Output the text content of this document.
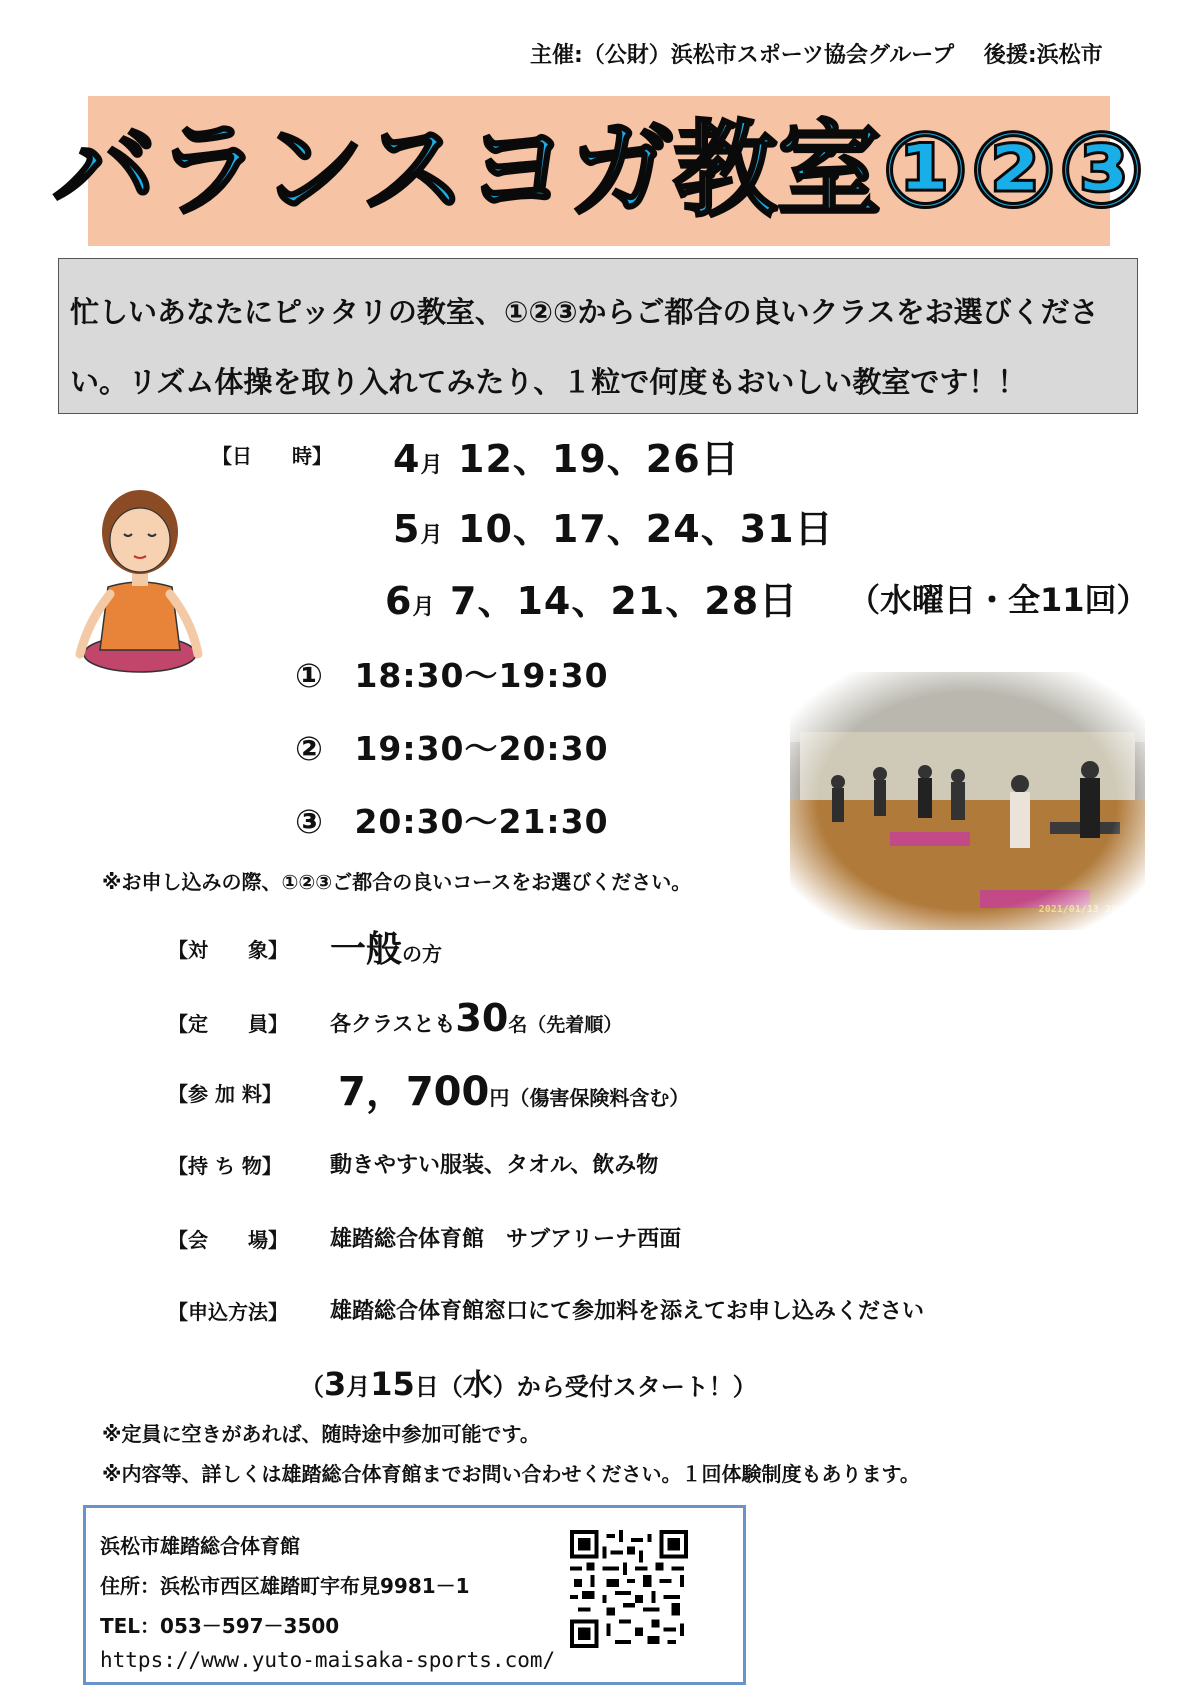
主催:（公財）浜松市スポーツ協会グループ　 後援:浜松市
バランスヨガ教室①②③
忙しいあなたにピッタリの教室、①②③からご都合の良いクラスをお選びくださ
い。リズム体操を取り入れてみたり、１粒で何度もおいしい教室です！！
【日　　時】 4月 12、19、26日
5月 10、17、24、31日
6月 7、14、21、28日 （水曜日・全11回）
① 18:30～19:30
② 19:30～20:30
③ 20:30～21:30
※お申し込みの際、①②③ご都合の良いコースをお選びください。
【対　　象】 一般の方
【定　　員】 各クラスとも30名（先着順）
【参 加 料】 7，700円（傷害保険料含む）
【持 ち 物】 動きやすい服装、タオル、飲み物
【会　　場】 雄踏総合体育館　サブアリーナ西面
【申込方法】 雄踏総合体育館窓口にて参加料を添えてお申し込みください
（3月15日（水）から受付スタート！）
※定員に空きがあれば、随時途中参加可能です。
※内容等、詳しくは雄踏総合体育館までお問い合わせください。１回体験制度もあります。
浜松市雄踏総合体育館
住所：浜松市西区雄踏町宇布見9981－1
TEL：053－597－3500
https://www.yuto-maisaka-sports.com/
